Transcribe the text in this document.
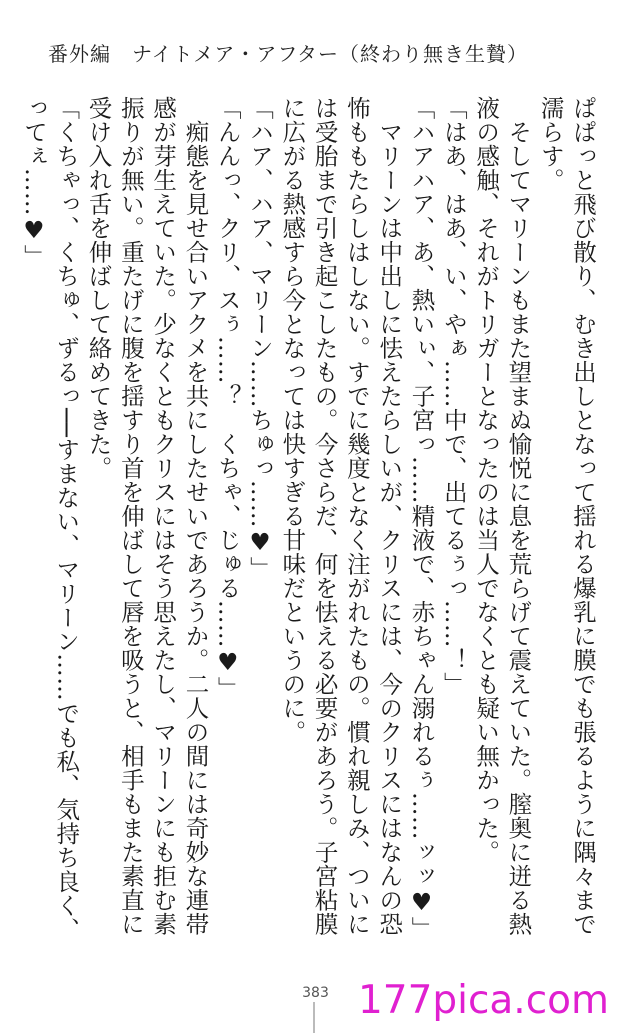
番外編　ナイトメア・アフター（終わり無き生贄）

ぱぱっと飛び散り、むき出しとなって揺れる爆乳に膜でも張るように隅々まで濡らす。

　そしてマリーンもまた望まぬ愉悦に息を荒らげて震えていた。膣奥に迸る熱液の感触、それがトリガーとなったのは当人でなくとも疑い無かった。

「はあ、はあ、い、やぁ……中で、出てるぅっ……！」

「ハアハア、あ、熱いぃ、子宮っ……精液で、赤ちゃん溺れるぅ……ッッ♥」

　マリーンは中出しに怯えたらしいが、クリスには、今のクリスにはなんの恐怖ももたらしはしない。すでに幾度となく注がれたもの。慣れ親しみ、ついには受胎まで引き起こしたもの。今さらだ、何を怯える必要があろう。子宮粘膜に広がる熱感すら今となっては快すぎる甘味だというのに。

「ハア、ハア、マリーン……ちゅっ……♥」

「んんっ、クリ、スぅ……？　くちゃ、じゅる……♥」

　痴態を見せ合いアクメを共にしたせいであろうか。二人の間には奇妙な連帯感が芽生えていた。少なくともクリスにはそう思えたし、マリーンにも拒む素振りが無い。重たげに腹を揺すり首を伸ばして唇を吸うと、相手もまた素直に受け入れ舌を伸ばして絡めてきた。

「くちゃっ、くちゅ、ずるっ──すまない、マリーン……でも私、気持ち良く、ってぇ……♥」

383 177pica.com
